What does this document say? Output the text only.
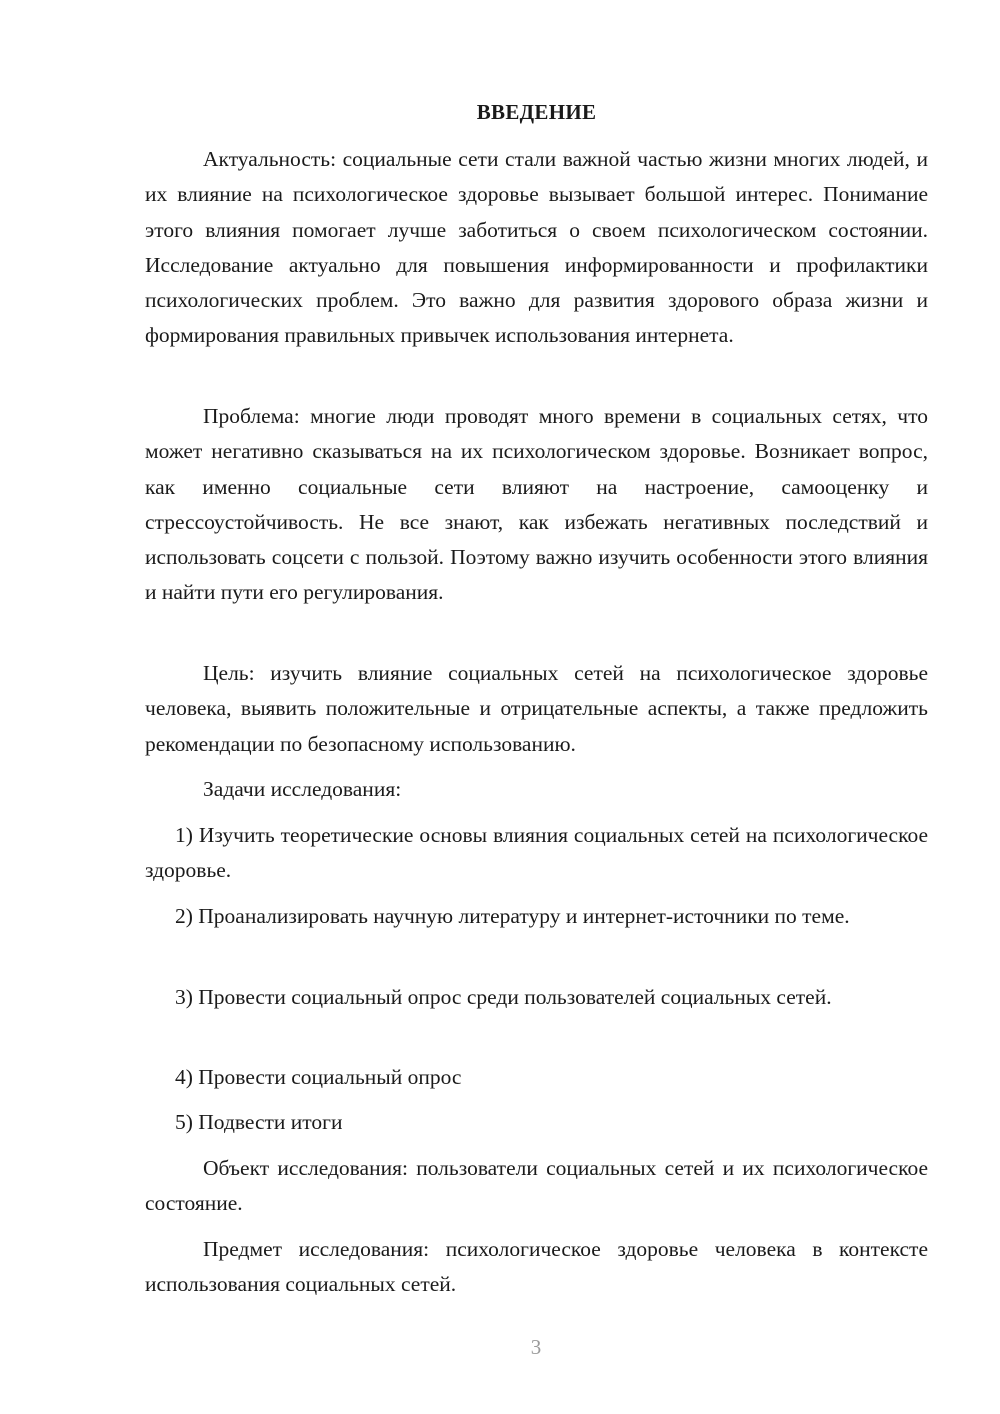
ВВЕДЕНИЕ

Актуальность: социальные сети стали важной частью жизни многих людей, и их влияние на психологическое здоровье вызывает большой интерес. Понимание этого влияния помогает лучше заботиться о своем психологическом состоянии. Исследование актуально для повышения информированности и профилактики психологических проблем. Это важно для развития здорового образа жизни и формирования правильных привычек использования интернета.

Проблема: многие люди проводят много времени в социальных сетях, что может негативно сказываться на их психологическом здоровье. Возникает вопрос, как именно социальные сети влияют на настроение, самооценку и стрессоустойчивость. Не все знают, как избежать негативных последствий и использовать соцсети с пользой. Поэтому важно изучить особенности этого влияния и найти пути его регулирования.

Цель: изучить влияние социальных сетей на психологическое здоровье человека, выявить положительные и отрицательные аспекты, а также предложить рекомендации по безопасному использованию.

Задачи исследования:

1) Изучить теоретические основы влияния социальных сетей на психологическое здоровье.

2) Проанализировать научную литературу и интернет-источники по теме.

3) Провести социальный опрос среди пользователей социальных сетей.

4) Провести социальный опрос

5) Подвести итоги

Объект исследования: пользователи социальных сетей и их психологическое состояние.

Предмет исследования: психологическое здоровье человека в контексте использования социальных сетей.

3
